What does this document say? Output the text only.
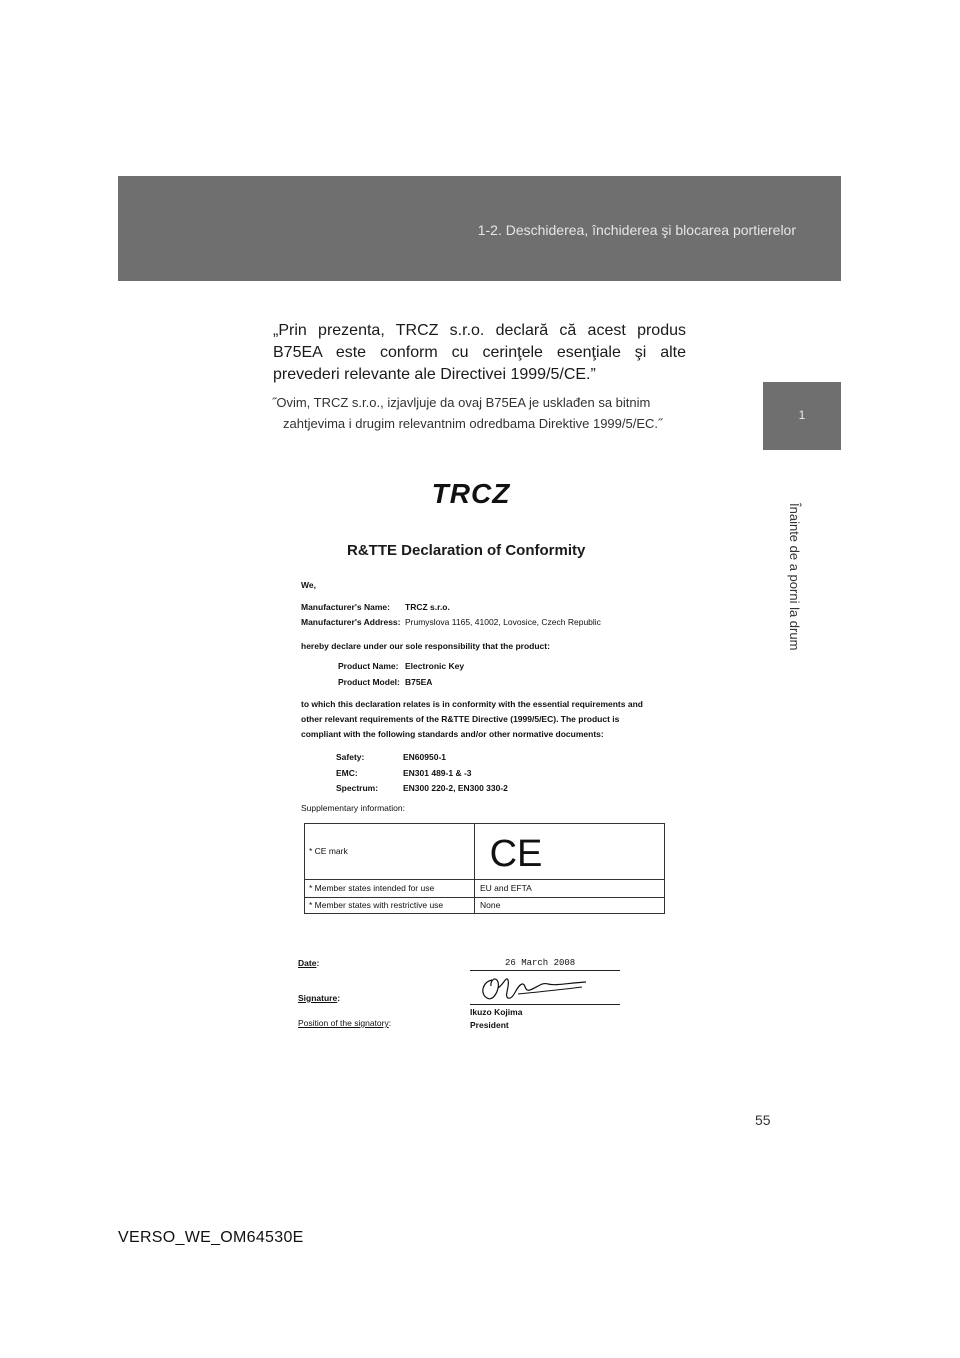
1-2. Deschiderea, închiderea şi blocarea portierelor
1
Înainte de a porni la drum
„Prin prezenta, TRCZ s.r.o. declară că acest produs B75EA este conform cu cerinţele esenţiale şi alte prevederi relevante ale Directivei 1999/5/CE.”
˝Ovim, TRCZ s.r.o., izjavljuje da ovaj B75EA je usklađen sa bitnim
zahtjevima i drugim relevantnim odredbama Direktive 1999/5/EC.˝
TRCZ
R&TTE Declaration of Conformity
We,
Manufacturer's Name: TRCZ s.r.o.
Manufacturer's Address: Prumyslova 1165, 41002, Lovosice, Czech Republic
hereby declare under our sole responsibility that the product:
Product Name: Electronic Key
Product Model: B75EA
to which this declaration relates is in conformity with the essential requirements and
other relevant requirements of the R&TTE Directive (1999/5/EC). The product is
compliant with the following standards and/or other normative documents:
Safety:	EN60950-1
EMC:	EN301 489-1 & -3
Spectrum:	EN300 220-2, EN300 330-2
Supplementary information:
* CE mark	CE
* Member states intended for use	EU and EFTA
* Member states with restrictive use	None
Date:	26 March 2008
Signature:
Ikuzo Kojima
Position of the signatory:	President
55
VERSO_WE_OM64530E
